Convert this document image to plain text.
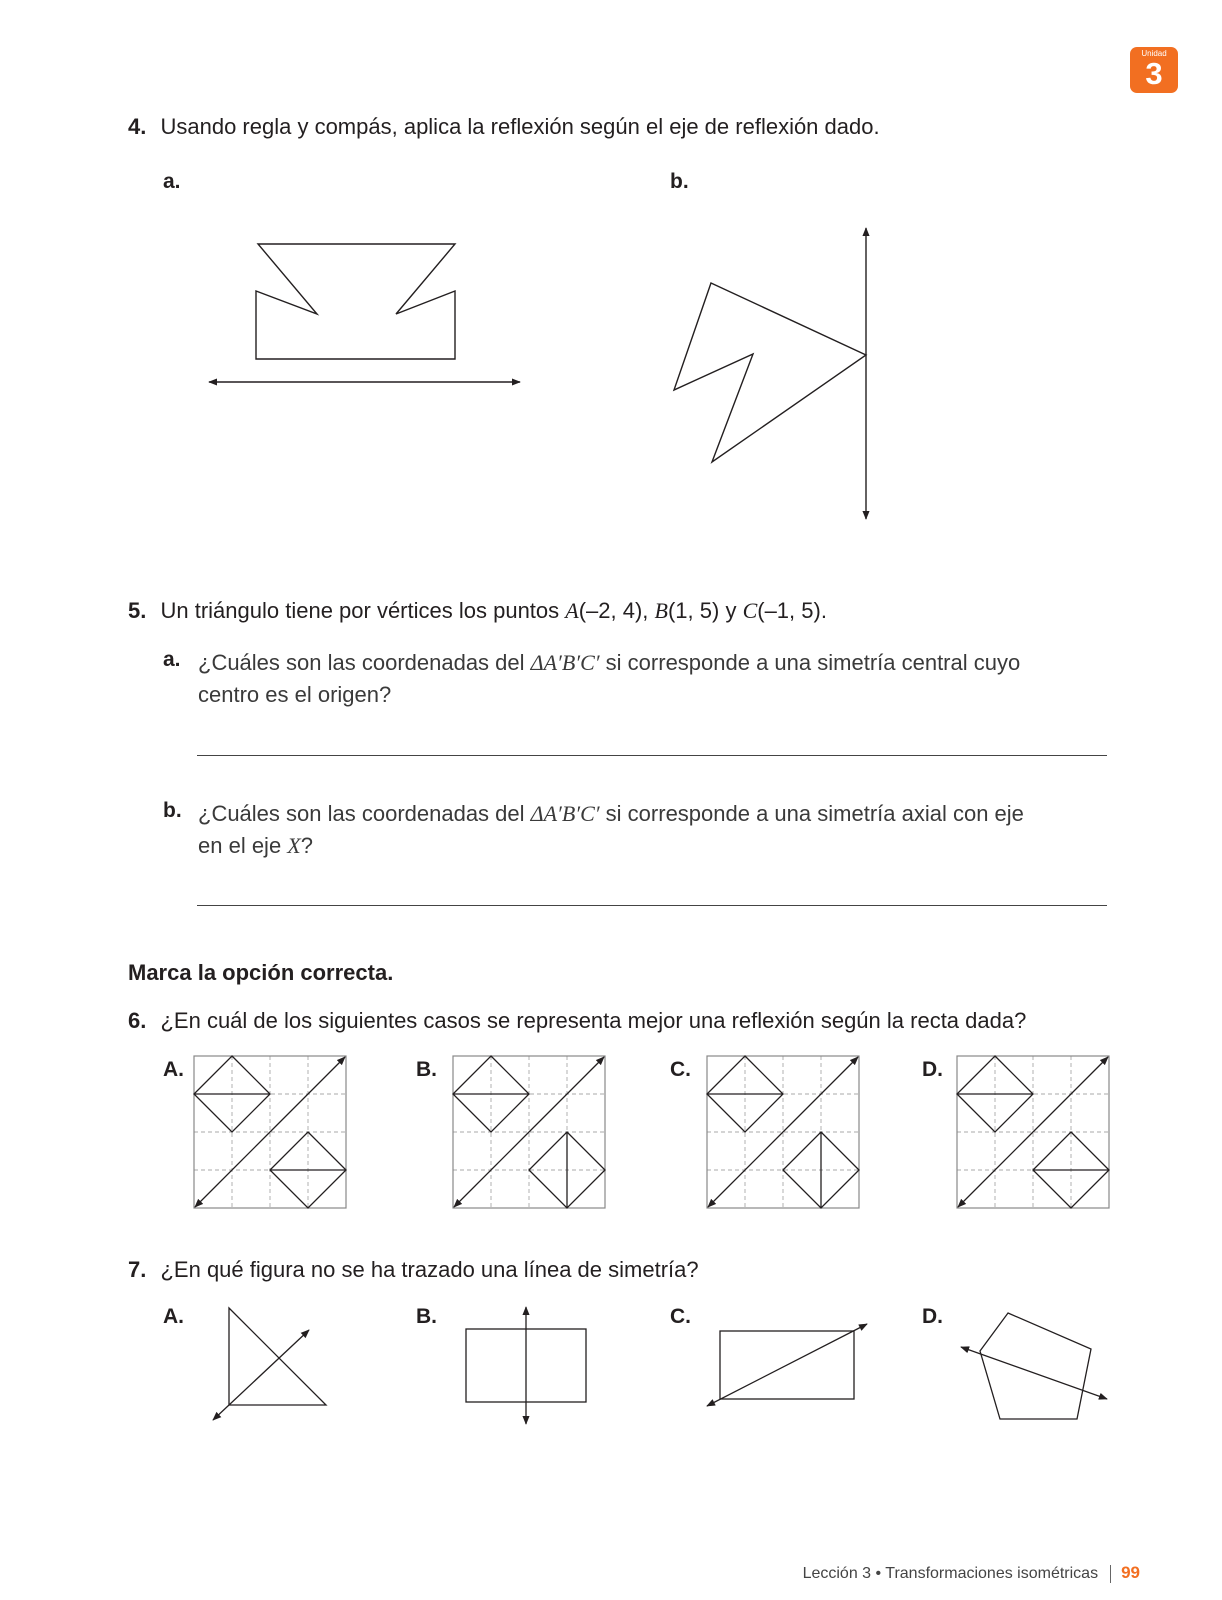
Unidad
3
4. Usando regla y compás, aplica la reflexión según el eje de reflexión dado.
a.	b.
5. Un triángulo tiene por vértices los puntos A(–2, 4), B(1, 5) y C(–1, 5).
a. ¿Cuáles son las coordenadas del ΔA′B′C′ si corresponde a una simetría central cuyo
centro es el origen?
b. ¿Cuáles son las coordenadas del ΔA′B′C′ si corresponde a una simetría axial con eje
en el eje X?
Marca la opción correcta.
6. ¿En cuál de los siguientes casos se representa mejor una reflexión según la recta dada?
A.	B.	C.	D.
7. ¿En qué figura no se ha trazado una línea de simetría?
A.	B.	C.	D.
Lección 3 • Transformaciones isométricas 99
